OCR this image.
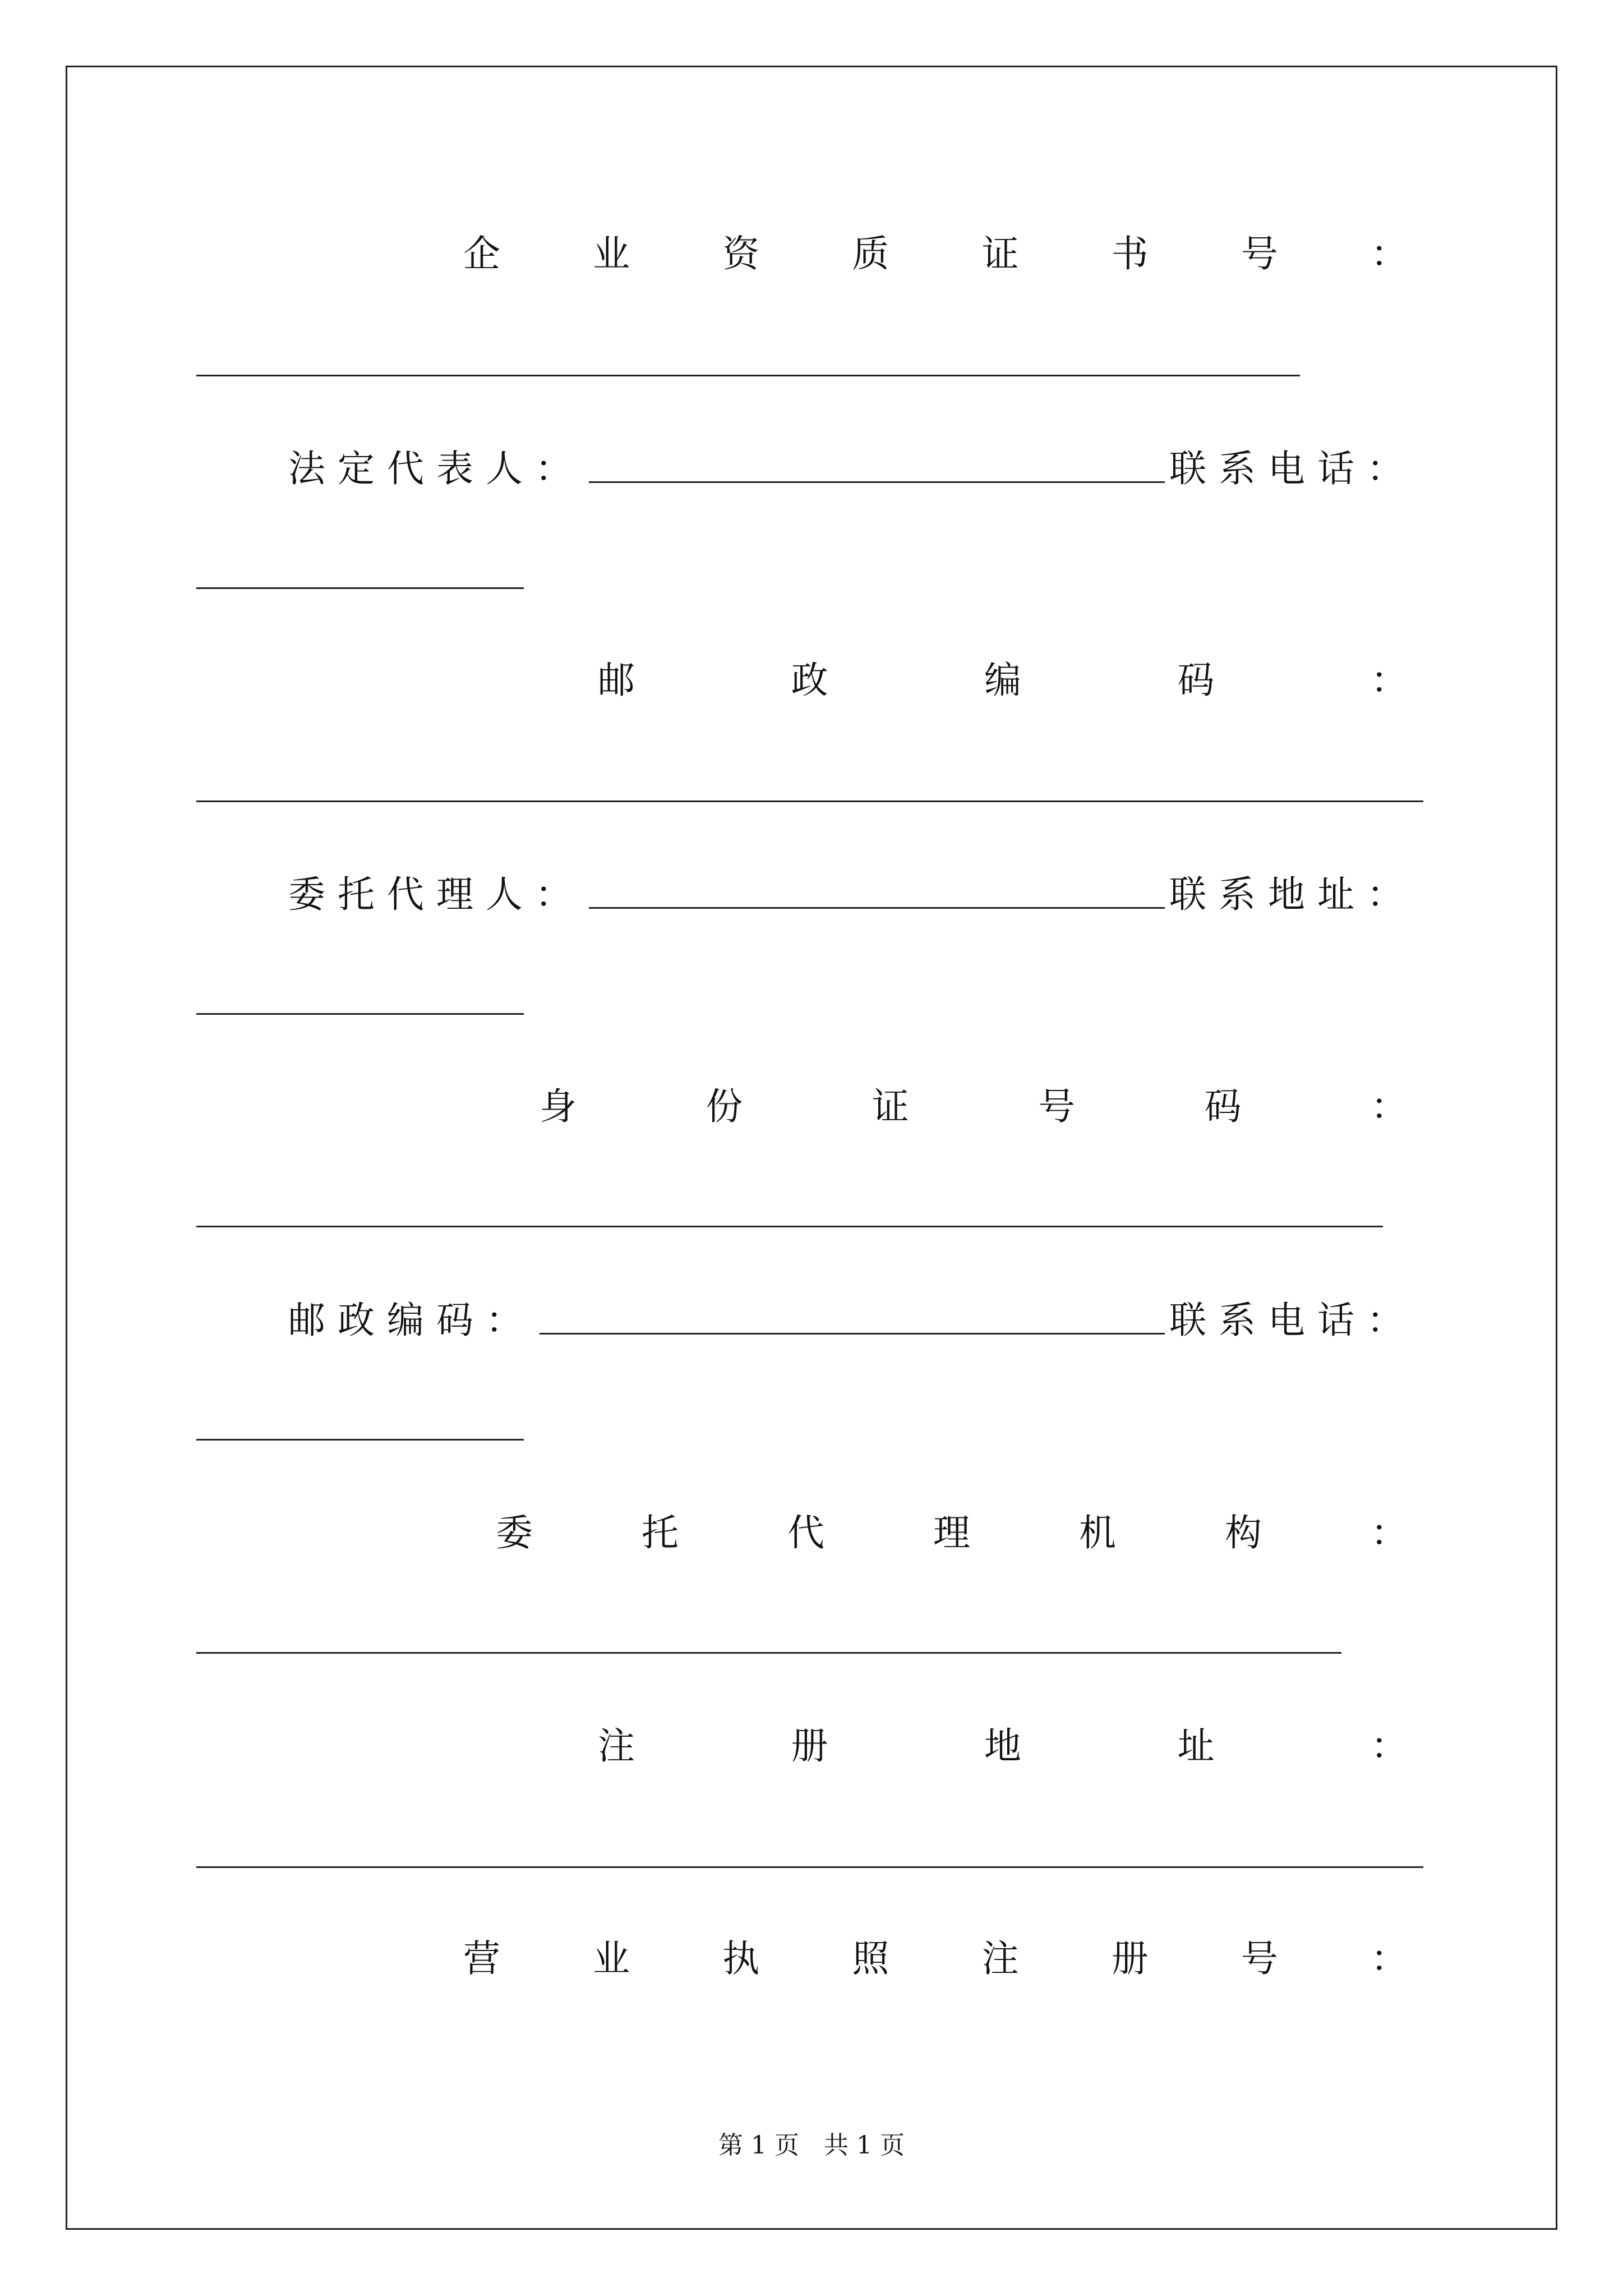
企	业	资	质	证	书	号	：
法定代表人：	联系电话：
邮	政	编	码	：
委托代理人：	联系地址：
身	份	证	号	码	：
邮政编码：	联系电话：
委	托	代	理	机	构	：
注	册	地	址	：
营	业	执	照	注	册	号	：
第 1 页　共 1 页
